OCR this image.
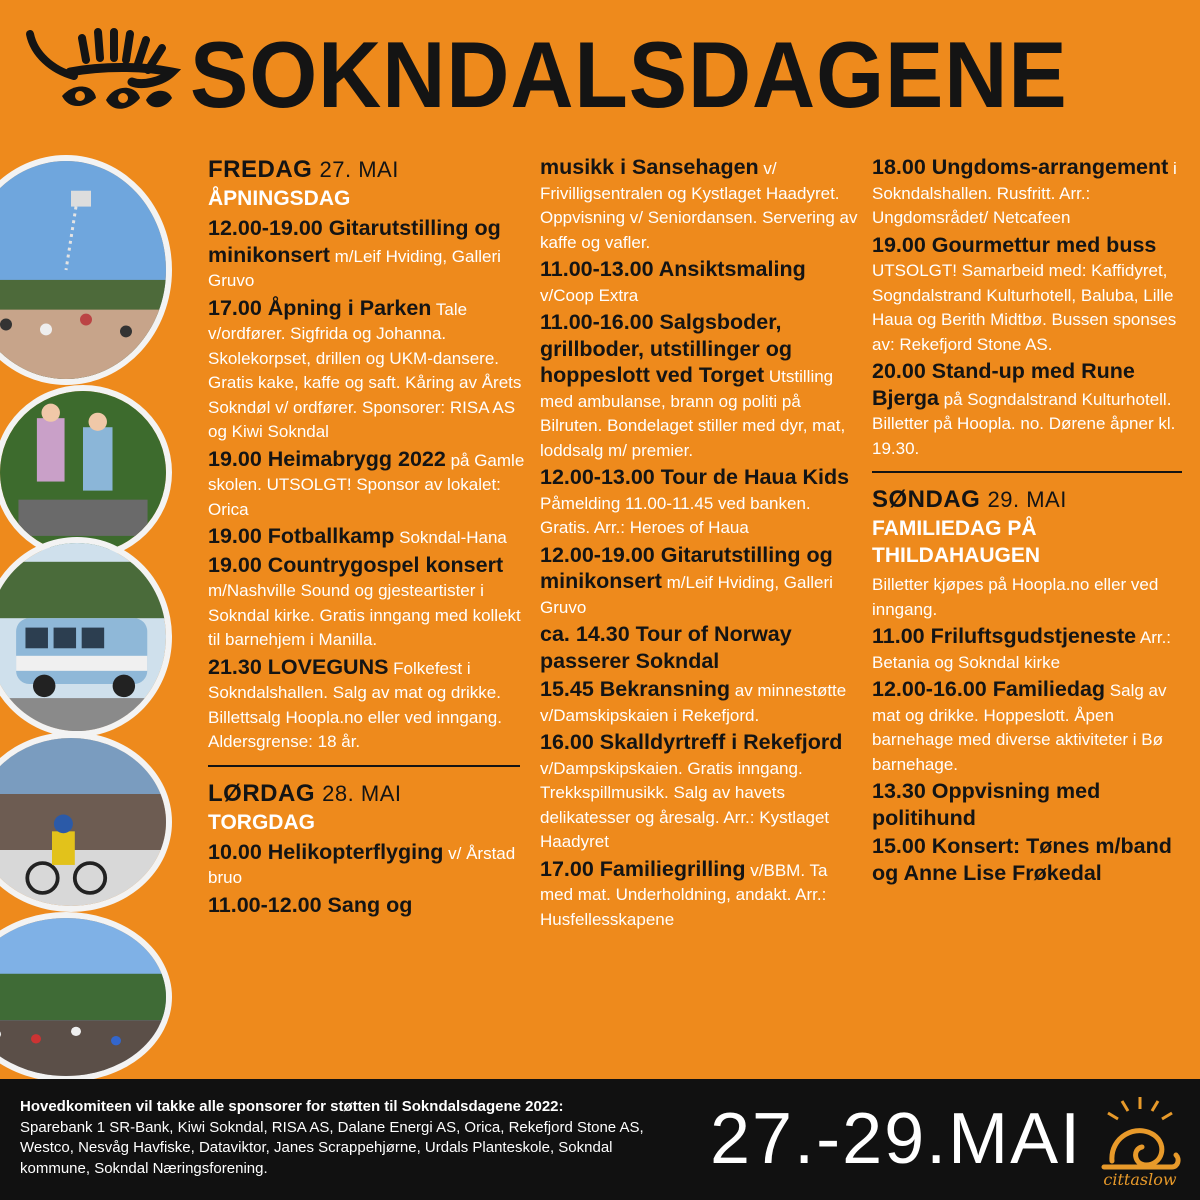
SOKNDALSDAGENE
FREDAG 27. MAI
ÅPNINGSDAG
12.00-19.00 Gitarutstilling og minikonsert m/Leif Hviding, Galleri Gruvo
17.00 Åpning i Parken Tale v/ordfører. Sigfrida og Johanna. Skolekorpset, drillen og UKM-dansere. Gratis kake, kaffe og saft. Kåring av Årets Sokndøl v/ ordfører. Sponsorer: RISA AS og Kiwi Sokndal
19.00 Heimabrygg 2022 på Gamle skolen. UTSOLGT! Sponsor av lokalet: Orica
19.00 Fotballkamp Sokndal-Hana
19.00 Countrygospel konsert m/Nashville Sound og gjesteartister i Sokndal kirke. Gratis inngang med kollekt til barnehjem i Manilla.
21.30 LOVEGUNS Folkefest i Sokndalshallen. Salg av mat og drikke. Billettsalg Hoopla.no eller ved inngang. Aldersgrense: 18 år.
LØRDAG 28. MAI
TORGDAG
10.00 Helikopterflyging v/ Årstad bruo
11.00-12.00 Sang og
musikk i Sansehagen v/ Frivilligsentralen og Kystlaget Haadyret. Oppvisning v/ Seniordansen. Servering av kaffe og vafler.
11.00-13.00 Ansiktsmaling v/Coop Extra
11.00-16.00 Salgsboder, grillboder, utstillinger og hoppeslott ved Torget Utstilling med ambulanse, brann og politi på Bilruten. Bondelaget stiller med dyr, mat, loddsalg m/ premier.
12.00-13.00 Tour de Haua Kids Påmelding 11.00-11.45 ved banken. Gratis. Arr.: Heroes of Haua
12.00-19.00 Gitarutstilling og minikonsert m/Leif Hviding, Galleri Gruvo
ca. 14.30 Tour of Norway passerer Sokndal
15.45 Bekransning av minnestøtte v/Damskipskaien i Rekefjord.
16.00 Skalldyrtreff i Rekefjord v/Dampskipskaien. Gratis inngang. Trekkspillmusikk. Salg av havets delikatesser og åresalg. Arr.: Kystlaget Haadyret
17.00 Familiegrilling v/BBM. Ta med mat. Underholdning, andakt. Arr.: Husfellesskapene
18.00 Ungdoms-arrangement i Sokndalshallen. Rusfritt. Arr.: Ungdomsrådet/ Netcafeen
19.00 Gourmettur med buss UTSOLGT! Samarbeid med: Kaffidyret, Sogndalstrand Kulturhotell, Baluba, Lille Haua og Berith Midtbø. Bussen sponses av: Rekefjord Stone AS.
20.00 Stand-up med Rune Bjerga på Sogndalstrand Kulturhotell. Billetter på Hoopla. no. Dørene åpner kl. 19.30.
SØNDAG 29. MAI
FAMILIEDAG PÅ THILDAHAUGEN
Billetter kjøpes på Hoopla.no eller ved inngang.
11.00 Friluftsgudstjeneste Arr.: Betania og Sokndal kirke
12.00-16.00 Familiedag Salg av mat og drikke. Hoppeslott. Åpen barnehage med diverse aktiviteter i Bø barnehage.
13.30 Oppvisning med politihund
15.00 Konsert: Tønes m/band og Anne Lise Frøkedal
Hovedkomiteen vil takke alle sponsorer for støtten til Sokndalsdagene 2022:
Sparebank 1 SR-Bank, Kiwi Sokndal, RISA AS, Dalane Energi AS, Orica, Rekefjord Stone AS, Westco, Nesvåg Havfiske, Dataviktor, Janes Scrappehjørne, Urdals Planteskole, Sokndal kommune, Sokndal Næringsforening.	27.-29.MAI
cittaslow
